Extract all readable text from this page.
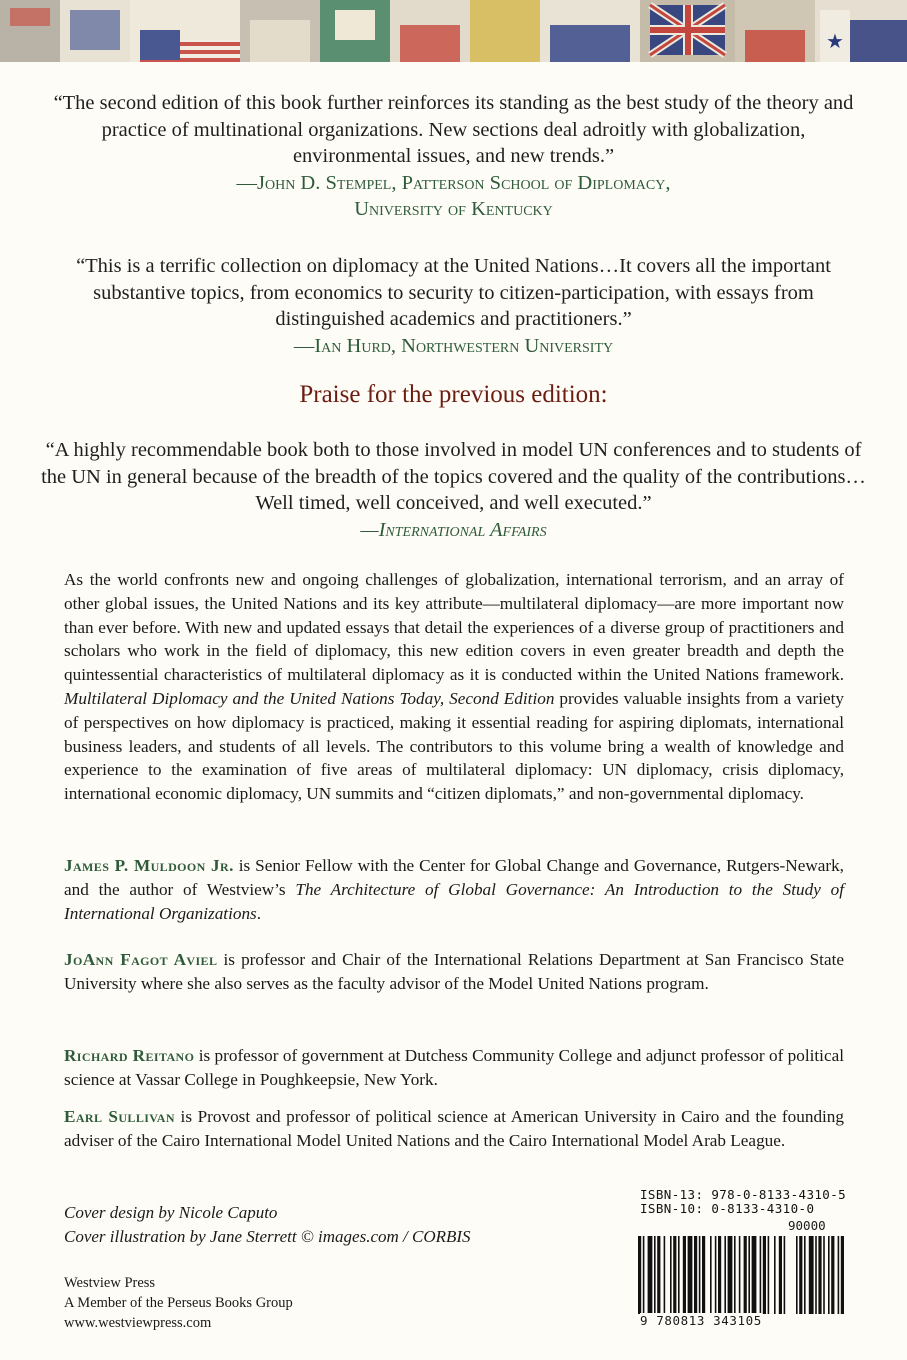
★
“The second edition of this book further reinforces its standing as the best study of the theory and practice of multinational organizations. New sections deal adroitly with globalization, environmental issues, and new trends.”
—John D. Stempel, Patterson School of Diplomacy,
University of Kentucky
“This is a terrific collection on diplomacy at the United Nations…It covers all the important substantive topics, from economics to security to citizen-participation, with essays from distinguished academics and practitioners.”
—Ian Hurd, Northwestern University
Praise for the previous edition:
“A highly recommendable book both to those involved in model UN conferences and to students of the UN in general because of the breadth of the topics covered and the quality of the contributions…Well timed, well conceived, and well executed.”
—International Affairs
As the world confronts new and ongoing challenges of globalization, international terrorism, and an array of other global issues, the United Nations and its key attribute—multilateral diplomacy—are more important now than ever before. With new and updated essays that detail the experiences of a diverse group of practitioners and scholars who work in the field of diplomacy, this new edition covers in even greater breadth and depth the quintessential characteristics of multilateral diplomacy as it is conducted within the United Nations framework. Multilateral Diplomacy and the United Nations Today, Second Edition provides valuable insights from a variety of perspectives on how diplomacy is practiced, making it essential reading for aspiring diplomats, international business leaders, and students of all levels. The contributors to this volume bring a wealth of knowledge and experience to the examination of five areas of multilateral diplomacy: UN diplomacy, crisis diplomacy, international economic diplomacy, UN summits and “citizen diplomats,” and non-governmental diplomacy.
James P. Muldoon Jr. is Senior Fellow with the Center for Global Change and Governance, Rutgers-Newark, and the author of Westview’s The Architecture of Global Governance: An Introduction to the Study of International Organizations.
JoAnn Fagot Aviel is professor and Chair of the International Relations Department at San Francisco State University where she also serves as the faculty advisor of the Model United Nations program.
Richard Reitano is professor of government at Dutchess Community College and adjunct professor of political science at Vassar College in Poughkeepsie, New York.
Earl Sullivan is Provost and professor of political science at American University in Cairo and the founding adviser of the Cairo International Model United Nations and the Cairo International Model Arab League.
Cover design by Nicole Caputo
Cover illustration by Jane Sterrett © images.com / CORBIS
Westview Press
A Member of the Perseus Books Group
www.westviewpress.com
ISBN-13: 978-0-8133-4310-5
ISBN-10: 0-8133-4310-0
90000
9 780813 343105
